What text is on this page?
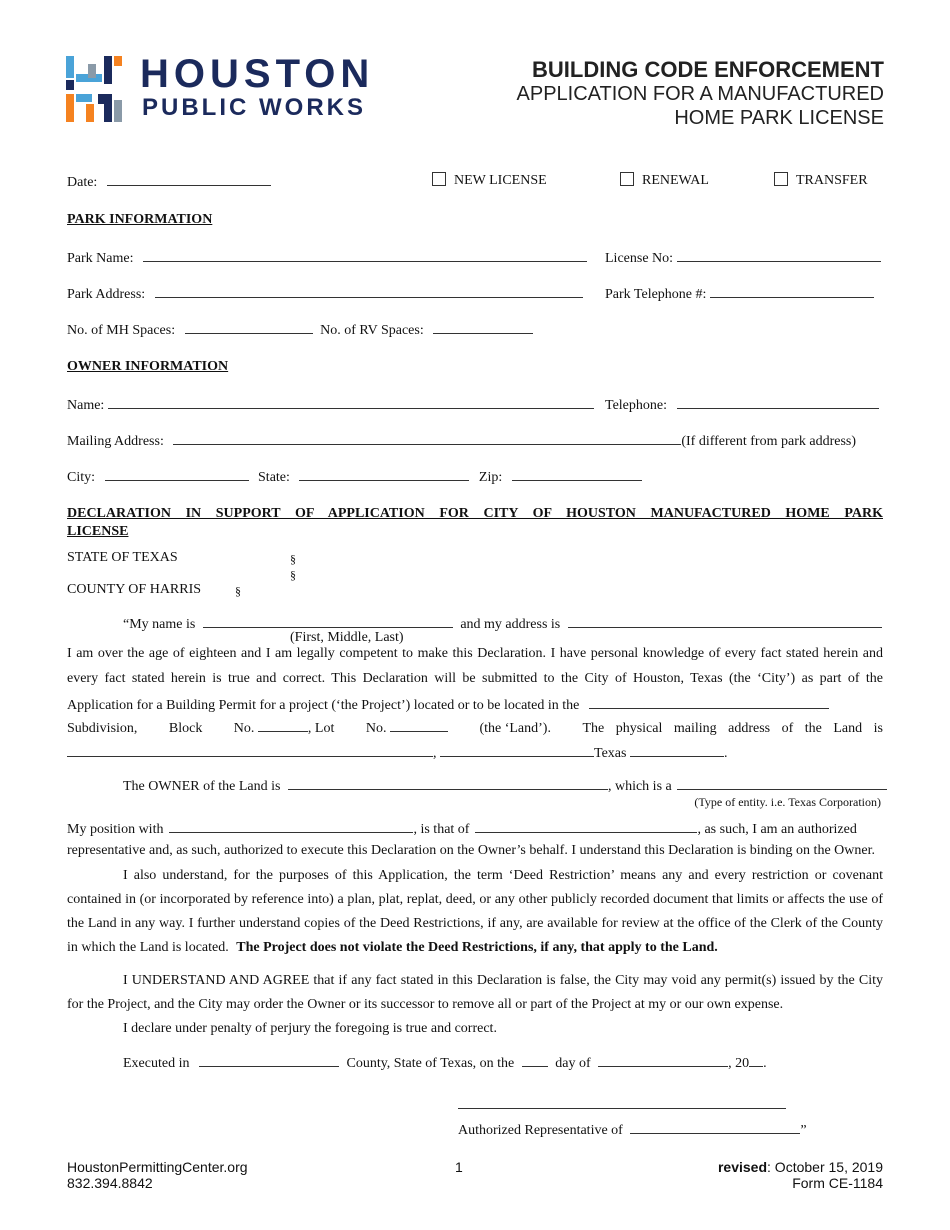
HOUSTON
PUBLIC WORKS
BUILDING CODE ENFORCEMENT
APPLICATION FOR A MANUFACTURED
HOME PARK LICENSE
Date:	NEW LICENSE	RENEWAL	TRANSFER
PARK INFORMATION
Park Name:	License No:
Park Address:	Park Telephone #:
No. of MH Spaces:	No. of RV Spaces:
OWNER INFORMATION
Name:	Telephone:
Mailing Address:	(If different from park address)
City:	State:	Zip:
DECLARATION IN SUPPORT OF APPLICATION FOR CITY OF HOUSTON MANUFACTURED HOME PARK
LICENSE
STATE OF TEXAS	§
§
COUNTY OF HARRIS	§
“My name is	and my address is
(First, Middle, Last)
I am over the age of eighteen and I am legally competent to make this Declaration. I have personal knowledge of every fact stated herein and
every fact stated herein is true and correct. This Declaration will be submitted to the City of Houston, Texas (the ‘City’) as part of the
Application for a Building Permit for a project (‘the Project’) located or to be located in the
Subdivision, Block No.	, Lot No.	(the ‘Land’). The physical mailing address of the Land is
,	Texas	.
The OWNER of the Land is	, which is a
(Type of entity. i.e. Texas Corporation)
My position with	, is that of	, as such, I am an authorized
representative and, as such, authorized to execute this Declaration on the Owner’s behalf. I understand this Declaration is binding on the Owner.
I also understand, for the purposes of this Application, the term ‘Deed Restriction’ means any and every restriction or covenant
contained in (or incorporated by reference into) a plan, plat, replat, deed, or any other publicly recorded document that limits or affects the use of
the Land in any way. I further understand copies of the Deed Restrictions, if any, are available for review at the office of the Clerk of the County
in which the Land is located. The Project does not violate the Deed Restrictions, if any, that apply to the Land.
I UNDERSTAND AND AGREE that if any fact stated in this Declaration is false, the City may void any permit(s) issued by the City
for the Project, and the City may order the Owner or its successor to remove all or part of the Project at my or our own expense.
I declare under penalty of perjury the foregoing is true and correct.
Executed in	County, State of Texas, on the	day of	, 20 .
Authorized Representative of	”
HoustonPermittingCenter.org
832.394.8842
1	revised: October 15, 2019
Form CE-1184
